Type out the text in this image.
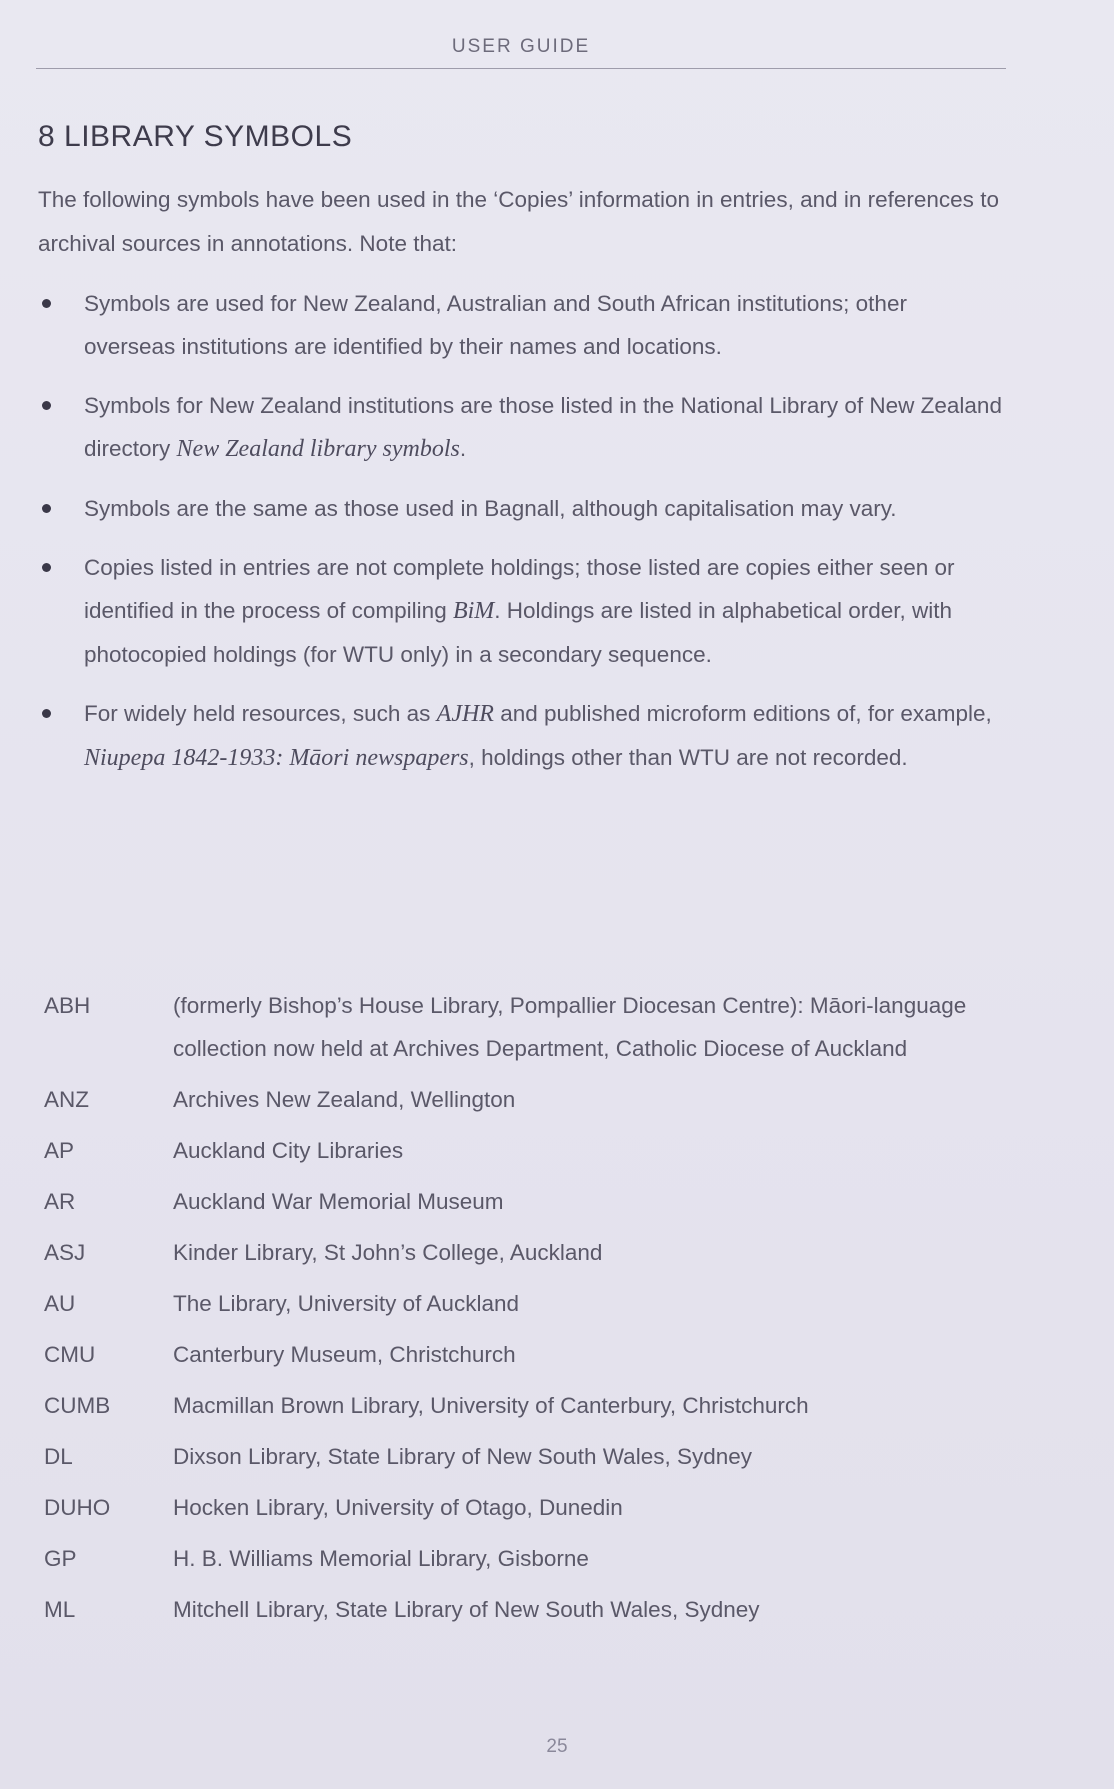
USER GUIDE
8 LIBRARY SYMBOLS

The following symbols have been used in the ‘Copies’ information in entries, and in references to archival sources in annotations. Note that:

Symbols are used for New Zealand, Australian and South African institutions; other overseas institutions are identified by their names and locations.
Symbols for New Zealand institutions are those listed in the National Library of New Zealand directory New Zealand library symbols.
Symbols are the same as those used in Bagnall, although capitalisation may vary.
Copies listed in entries are not complete holdings; those listed are copies either seen or identified in the process of compiling BiM. Holdings are listed in alphabetical order, with photocopied holdings (for WTU only) in a secondary sequence.
For widely held resources, such as AJHR and published microform editions of, for example, Niupepa 1842-1933: Māori newspapers, holdings other than WTU are not recorded.
ABH	(formerly Bishop’s House Library, Pompallier Diocesan Centre): Māori-language collection now held at Archives Department, Catholic Diocese of Auckland
ANZ	Archives New Zealand, Wellington
AP	Auckland City Libraries
AR	Auckland War Memorial Museum
ASJ	Kinder Library, St John’s College, Auckland
AU	The Library, University of Auckland
CMU	Canterbury Museum, Christchurch
CUMB	Macmillan Brown Library, University of Canterbury, Christchurch
DL	Dixson Library, State Library of New South Wales, Sydney
DUHO	Hocken Library, University of Otago, Dunedin
GP	H. B. Williams Memorial Library, Gisborne
ML	Mitchell Library, State Library of New South Wales, Sydney
25
